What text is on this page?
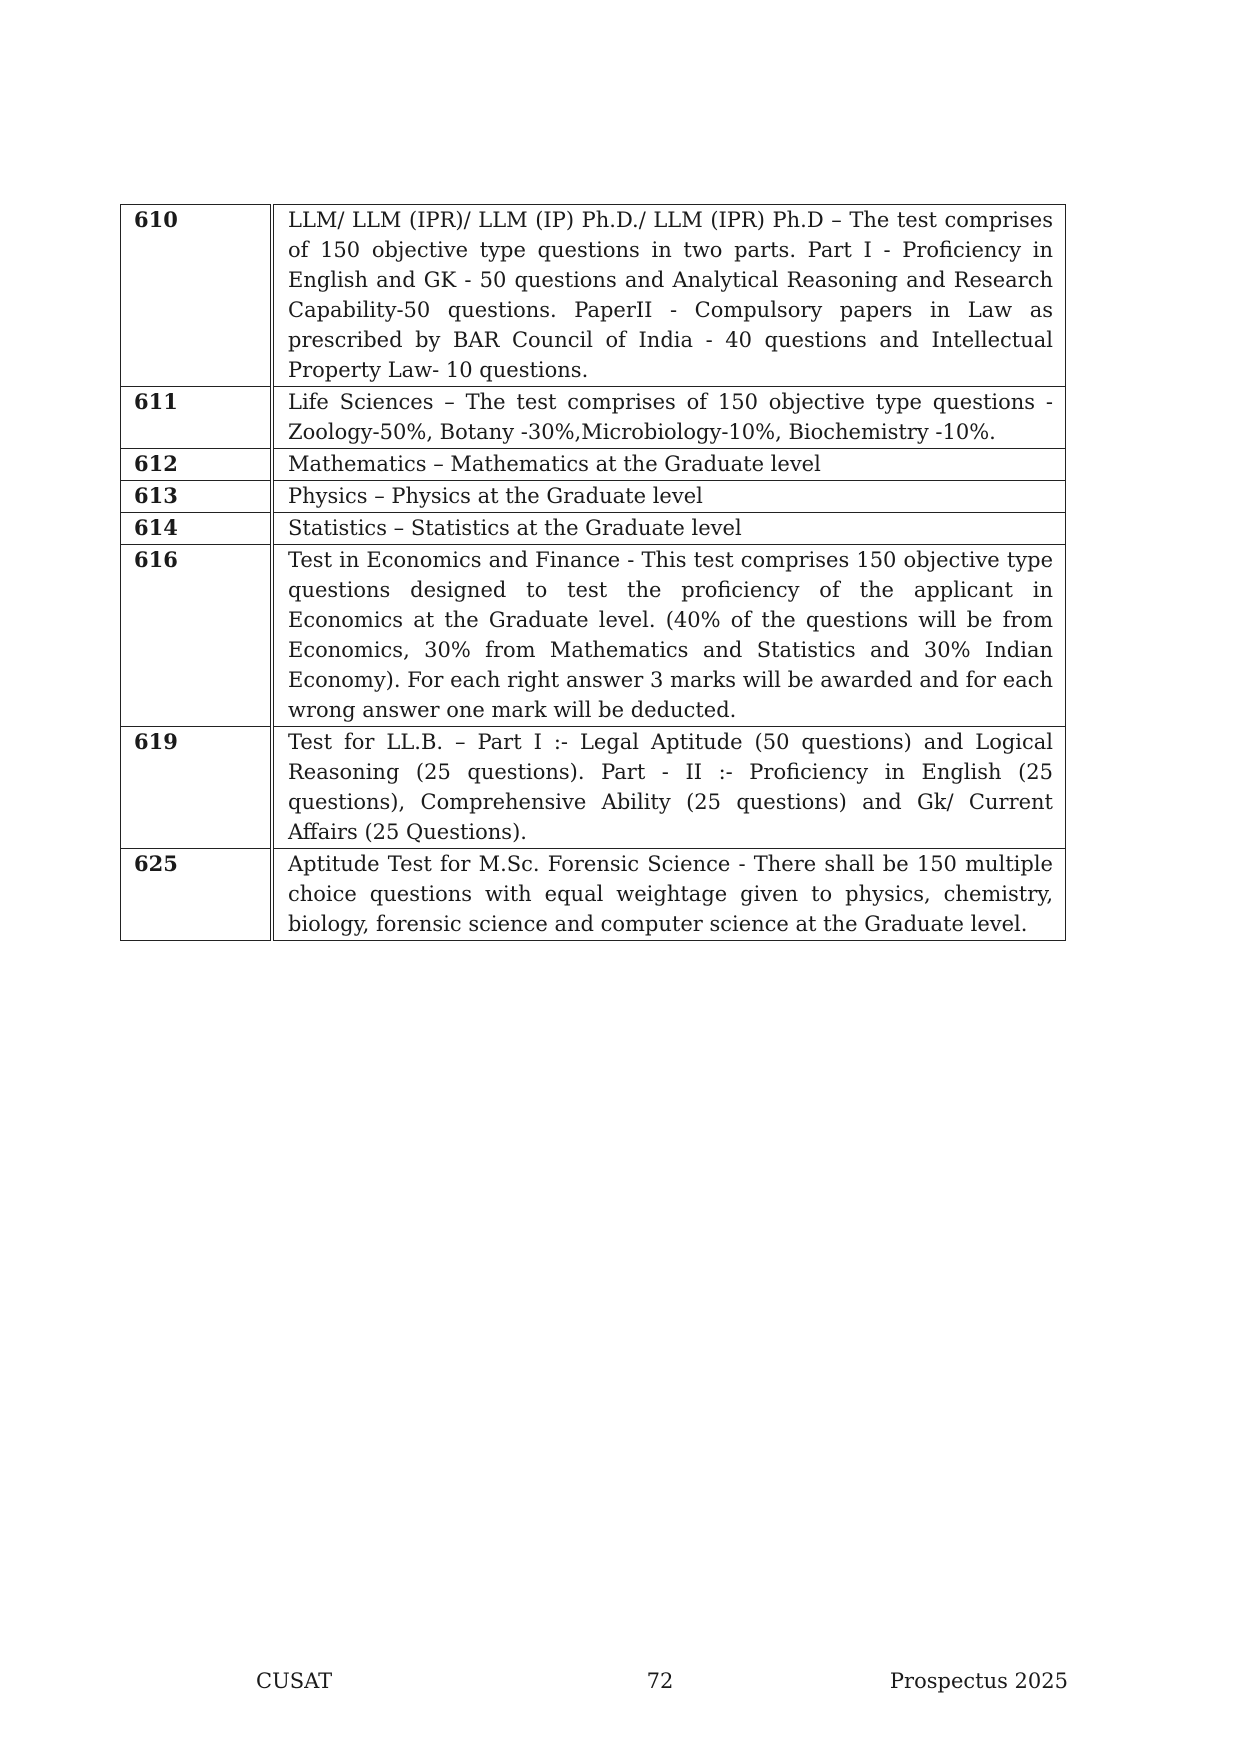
610	LLM/ LLM (IPR)/ LLM (IP) Ph.D./ LLM (IPR) Ph.D – The test comprises of 150 objective type questions in two parts. Part I - Proficiency in English and GK - 50 questions and Analytical Reasoning and Research Capability-50 questions. PaperII - Compulsory papers in Law as prescribed by BAR Council of India - 40 questions and Intellectual Property Law- 10 questions.
611	Life Sciences – The test comprises of 150 objective type questions - Zoology-50%, Botany -30%,Microbiology-10%, Biochemistry -10%.
612	Mathematics – Mathematics at the Graduate level
613	Physics – Physics at the Graduate level
614	Statistics – Statistics at the Graduate level
616	Test in Economics and Finance - This test comprises 150 objective type questions designed to test the proficiency of the applicant in Economics at the Graduate level. (40% of the questions will be from Economics, 30% from Mathematics and Statistics and 30% Indian Economy). For each right answer 3 marks will be awarded and for each wrong answer one mark will be deducted.
619	Test for LL.B. – Part I :- Legal Aptitude (50 questions) and Logical Reasoning (25 questions). Part - II :- Proficiency in English (25 questions), Comprehensive Ability (25 questions) and Gk/ Current Affairs (25 Questions).
625	Aptitude Test for M.Sc. Forensic Science - There shall be 150 multiple choice questions with equal weightage given to physics, chemistry, biology, forensic science and computer science at the Graduate level.
CUSAT	72	Prospectus 2025
